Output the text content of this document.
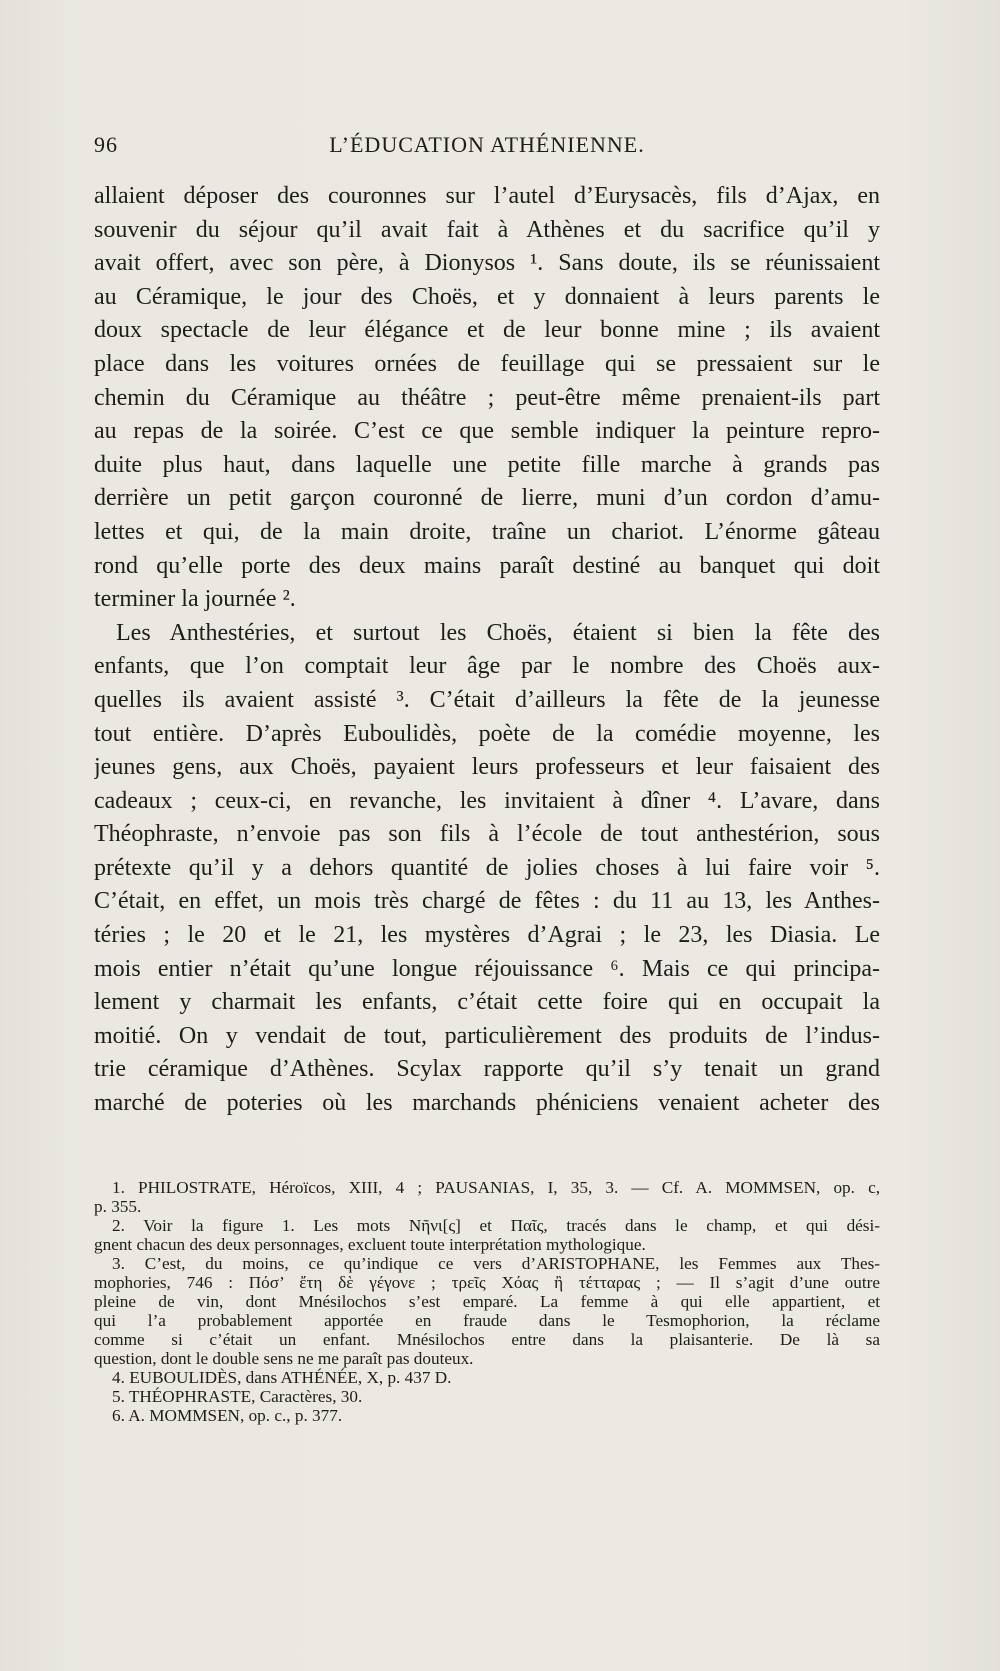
96	L’ÉDUCATION ATHÉNIENNE.
allaient déposer des couronnes sur l’autel d’Eurysacès, fils d’Ajax, en
souvenir du séjour qu’il avait fait à Athènes et du sacrifice qu’il y
avait offert, avec son père, à Dionysos ¹. Sans doute, ils se réunissaient
au Céramique, le jour des Choës, et y donnaient à leurs parents le
doux spectacle de leur élégance et de leur bonne mine ; ils avaient
place dans les voitures ornées de feuillage qui se pressaient sur le
chemin du Céramique au théâtre ; peut-être même prenaient-ils part
au repas de la soirée. C’est ce que semble indiquer la peinture repro-
duite plus haut, dans laquelle une petite fille marche à grands pas
derrière un petit garçon couronné de lierre, muni d’un cordon d’amu-
lettes et qui, de la main droite, traîne un chariot. L’énorme gâteau
rond qu’elle porte des deux mains paraît destiné au banquet qui doit
terminer la journée ².
Les Anthestéries, et surtout les Choës, étaient si bien la fête des
enfants, que l’on comptait leur âge par le nombre des Choës aux-
quelles ils avaient assisté ³. C’était d’ailleurs la fête de la jeunesse
tout entière. D’après Euboulidès, poète de la comédie moyenne, les
jeunes gens, aux Choës, payaient leurs professeurs et leur faisaient des
cadeaux ; ceux-ci, en revanche, les invitaient à dîner ⁴. L’avare, dans
Théophraste, n’envoie pas son fils à l’école de tout anthestérion, sous
prétexte qu’il y a dehors quantité de jolies choses à lui faire voir ⁵.
C’était, en effet, un mois très chargé de fêtes : du 11 au 13, les Anthes-
téries ; le 20 et le 21, les mystères d’Agrai ; le 23, les Diasia. Le
mois entier n’était qu’une longue réjouissance ⁶. Mais ce qui principa-
lement y charmait les enfants, c’était cette foire qui en occupait la
moitié. On y vendait de tout, particulièrement des produits de l’indus-
trie céramique d’Athènes. Scylax rapporte qu’il s’y tenait un grand
marché de poteries où les marchands phéniciens venaient acheter des
1. PHILOSTRATE, Héroïcos, XIII, 4 ; PAUSANIAS, I, 35, 3. — Cf. A. MOMMSEN, op. c,
p. 355.
2. Voir la figure 1. Les mots Νῆνι[ς] et Παῖς, tracés dans le champ, et qui dési-
gnent chacun des deux personnages, excluent toute interprétation mythologique.
3. C’est, du moins, ce qu’indique ce vers d’ARISTOPHANE, les Femmes aux Thes-
mophories, 746 : Πόσ’ ἔτη δὲ γέγονε ; τρεῖς Χόας ἢ τέτταρας ; — Il s’agit d’une outre
pleine de vin, dont Mnésilochos s’est emparé. La femme à qui elle appartient, et
qui l’a probablement apportée en fraude dans le Tesmophorion, la réclame
comme si c’était un enfant. Mnésilochos entre dans la plaisanterie. De là sa
question, dont le double sens ne me paraît pas douteux.
4. EUBOULIDÈS, dans ATHÉNÉE, X, p. 437 D.
5. THÉOPHRASTE, Caractères, 30.
6. A. MOMMSEN, op. c., p. 377.
